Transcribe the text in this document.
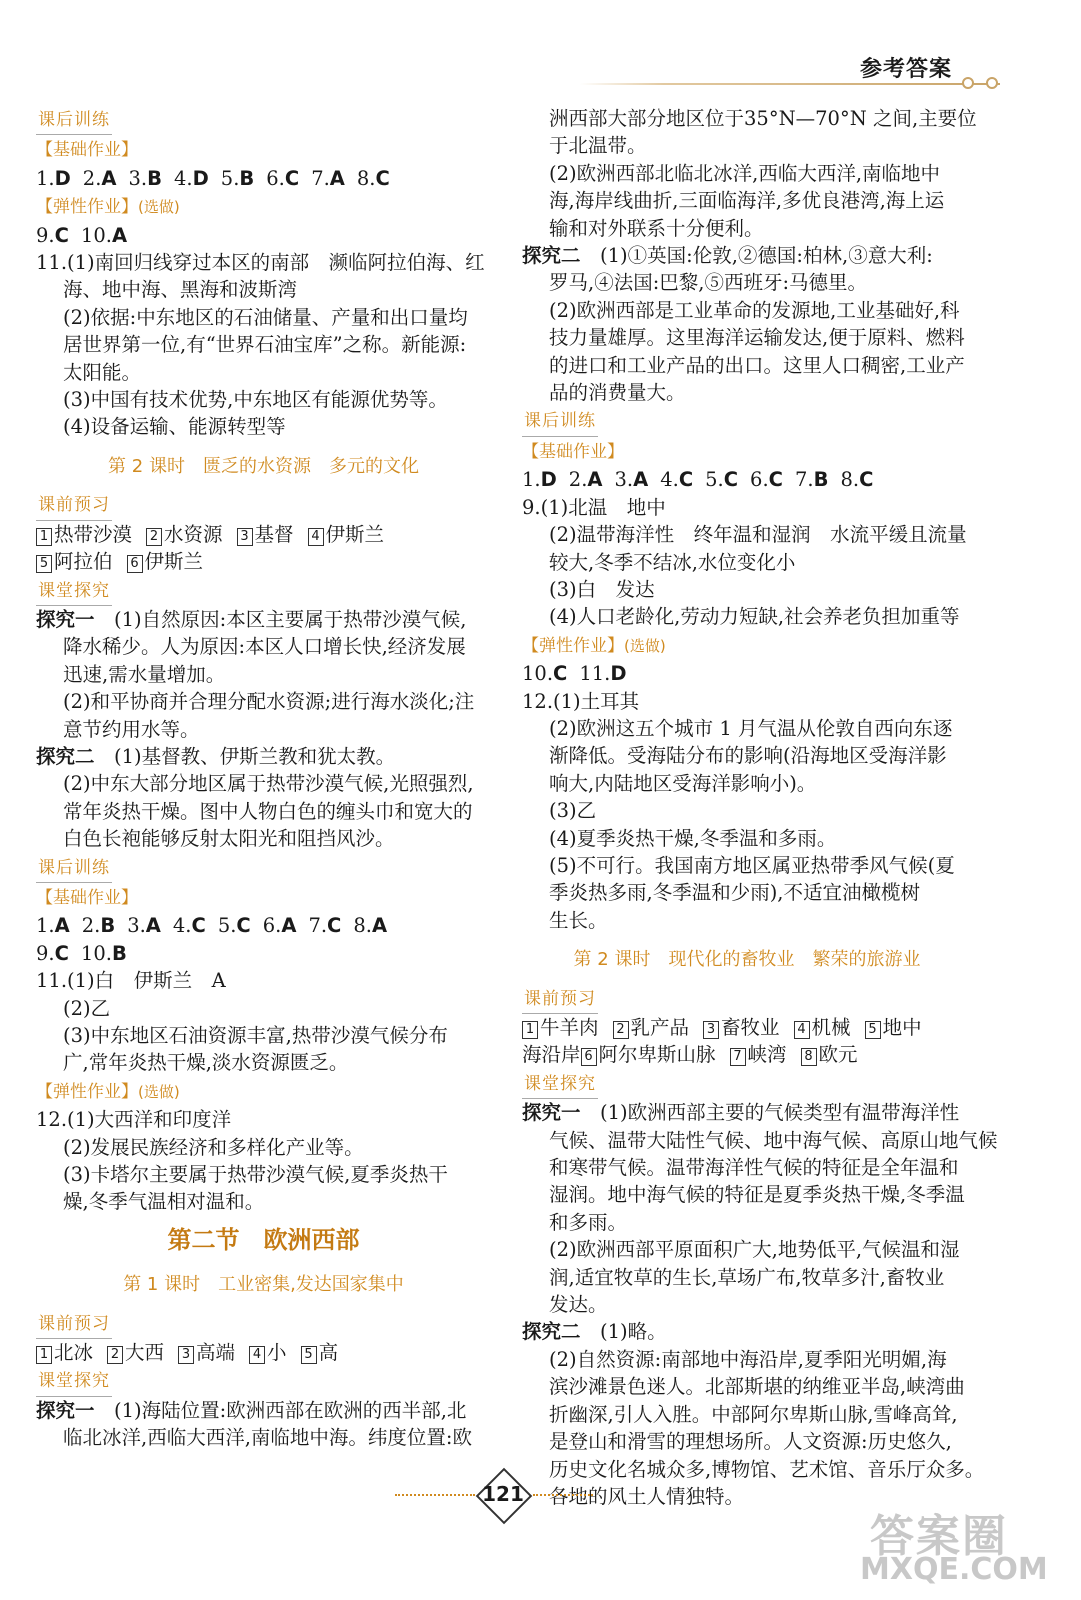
参考答案
课后训练
【基础作业】
1.D 2.A 3.B 4.D 5.B 6.C 7.A 8.C
【弹性作业】(选做)
9.C 10.A
11.(1)南回归线穿过本区的南部　濒临阿拉伯海、红
海、地中海、黑海和波斯湾
(2)依据:中东地区的石油储量、产量和出口量均
居世界第一位,有“世界石油宝库”之称。新能源:
太阳能。
(3)中国有技术优势,中东地区有能源优势等。
(4)设备运输、能源转型等
第 2 课时　匮乏的水资源　多元的文化
课前预习
1 热带沙漠 2 水资源 3 基督 4 伊斯兰
5 阿拉伯 6 伊斯兰
课堂探究
探究一　 (1)自然原因:本区主要属于热带沙漠气候,
降水稀少。人为原因:本区人口增长快,经济发展
迅速,需水量增加。
(2)和平协商并合理分配水资源;进行海水淡化;注
意节约用水等。
探究二　 (1)基督教、伊斯兰教和犹太教。
(2)中东大部分地区属于热带沙漠气候,光照强烈,
常年炎热干燥。图中人物白色的缠头巾和宽大的
白色长袍能够反射太阳光和阻挡风沙。
课后训练
【基础作业】
1.A 2.B 3.A 4.C 5.C 6.A 7.C 8.A
9.C 10.B
11.(1)白　伊斯兰　A
(2)乙
(3)中东地区石油资源丰富,热带沙漠气候分布
广,常年炎热干燥,淡水资源匮乏。
【弹性作业】(选做)
12.(1)大西洋和印度洋
(2)发展民族经济和多样化产业等。
(3)卡塔尔主要属于热带沙漠气候,夏季炎热干
燥,冬季气温相对温和。
第二节　欧洲西部
第 1 课时　工业密集,发达国家集中
课前预习
1 北冰 2 大西 3 高端 4 小 5 高
课堂探究
探究一　 (1)海陆位置:欧洲西部在欧洲的西半部,北
临北冰洋,西临大西洋,南临地中海。纬度位置:欧
洲西部大部分地区位于35°N—70°N 之间,主要位
于北温带。
(2)欧洲西部北临北冰洋,西临大西洋,南临地中
海,海岸线曲折,三面临海洋,多优良港湾,海上运
输和对外联系十分便利。
探究二　 (1)①英国:伦敦,②德国:柏林,③意大利:
罗马,④法国:巴黎,⑤西班牙:马德里。
(2)欧洲西部是工业革命的发源地,工业基础好,科
技力量雄厚。这里海洋运输发达,便于原料、燃料
的进口和工业产品的出口。这里人口稠密,工业产
品的消费量大。
课后训练
【基础作业】
1.D 2.A 3.A 4.C 5.C 6.C 7.B 8.C
9.(1)北温　地中
(2)温带海洋性　终年温和湿润　水流平缓且流量
较大,冬季不结冰,水位变化小
(3)白　发达
(4)人口老龄化,劳动力短缺,社会养老负担加重等
【弹性作业】(选做)
10.C 11.D
12.(1)土耳其
(2)欧洲这五个城市 1 月气温从伦敦自西向东逐
渐降低。受海陆分布的影响(沿海地区受海洋影
响大,内陆地区受海洋影响小)。
(3)乙
(4)夏季炎热干燥,冬季温和多雨。
(5)不可行。我国南方地区属亚热带季风气候(夏
季炎热多雨,冬季温和少雨),不适宜油橄榄树
生长。
第 2 课时　现代化的畜牧业　繁荣的旅游业
课前预习
1 牛羊肉 2 乳产品 3 畜牧业 4 机械 5 地中
海沿岸 6 阿尔卑斯山脉 7 峡湾 8 欧元
课堂探究
探究一　 (1)欧洲西部主要的气候类型有温带海洋性
气候、温带大陆性气候、地中海气候、高原山地气候
和寒带气候。温带海洋性气候的特征是全年温和
湿润。地中海气候的特征是夏季炎热干燥,冬季温
和多雨。
(2)欧洲西部平原面积广大,地势低平,气候温和湿
润,适宜牧草的生长,草场广布,牧草多汁,畜牧业
发达。
探究二　 (1)略。
(2)自然资源:南部地中海沿岸,夏季阳光明媚,海
滨沙滩景色迷人。北部斯堪的纳维亚半岛,峡湾曲
折幽深,引人入胜。中部阿尔卑斯山脉,雪峰高耸,
是登山和滑雪的理想场所。人文资源:历史悠久,
历史文化名城众多,博物馆、艺术馆、音乐厅众多。
各地的风土人情独特。
121
答案圈
MXQE.COM
